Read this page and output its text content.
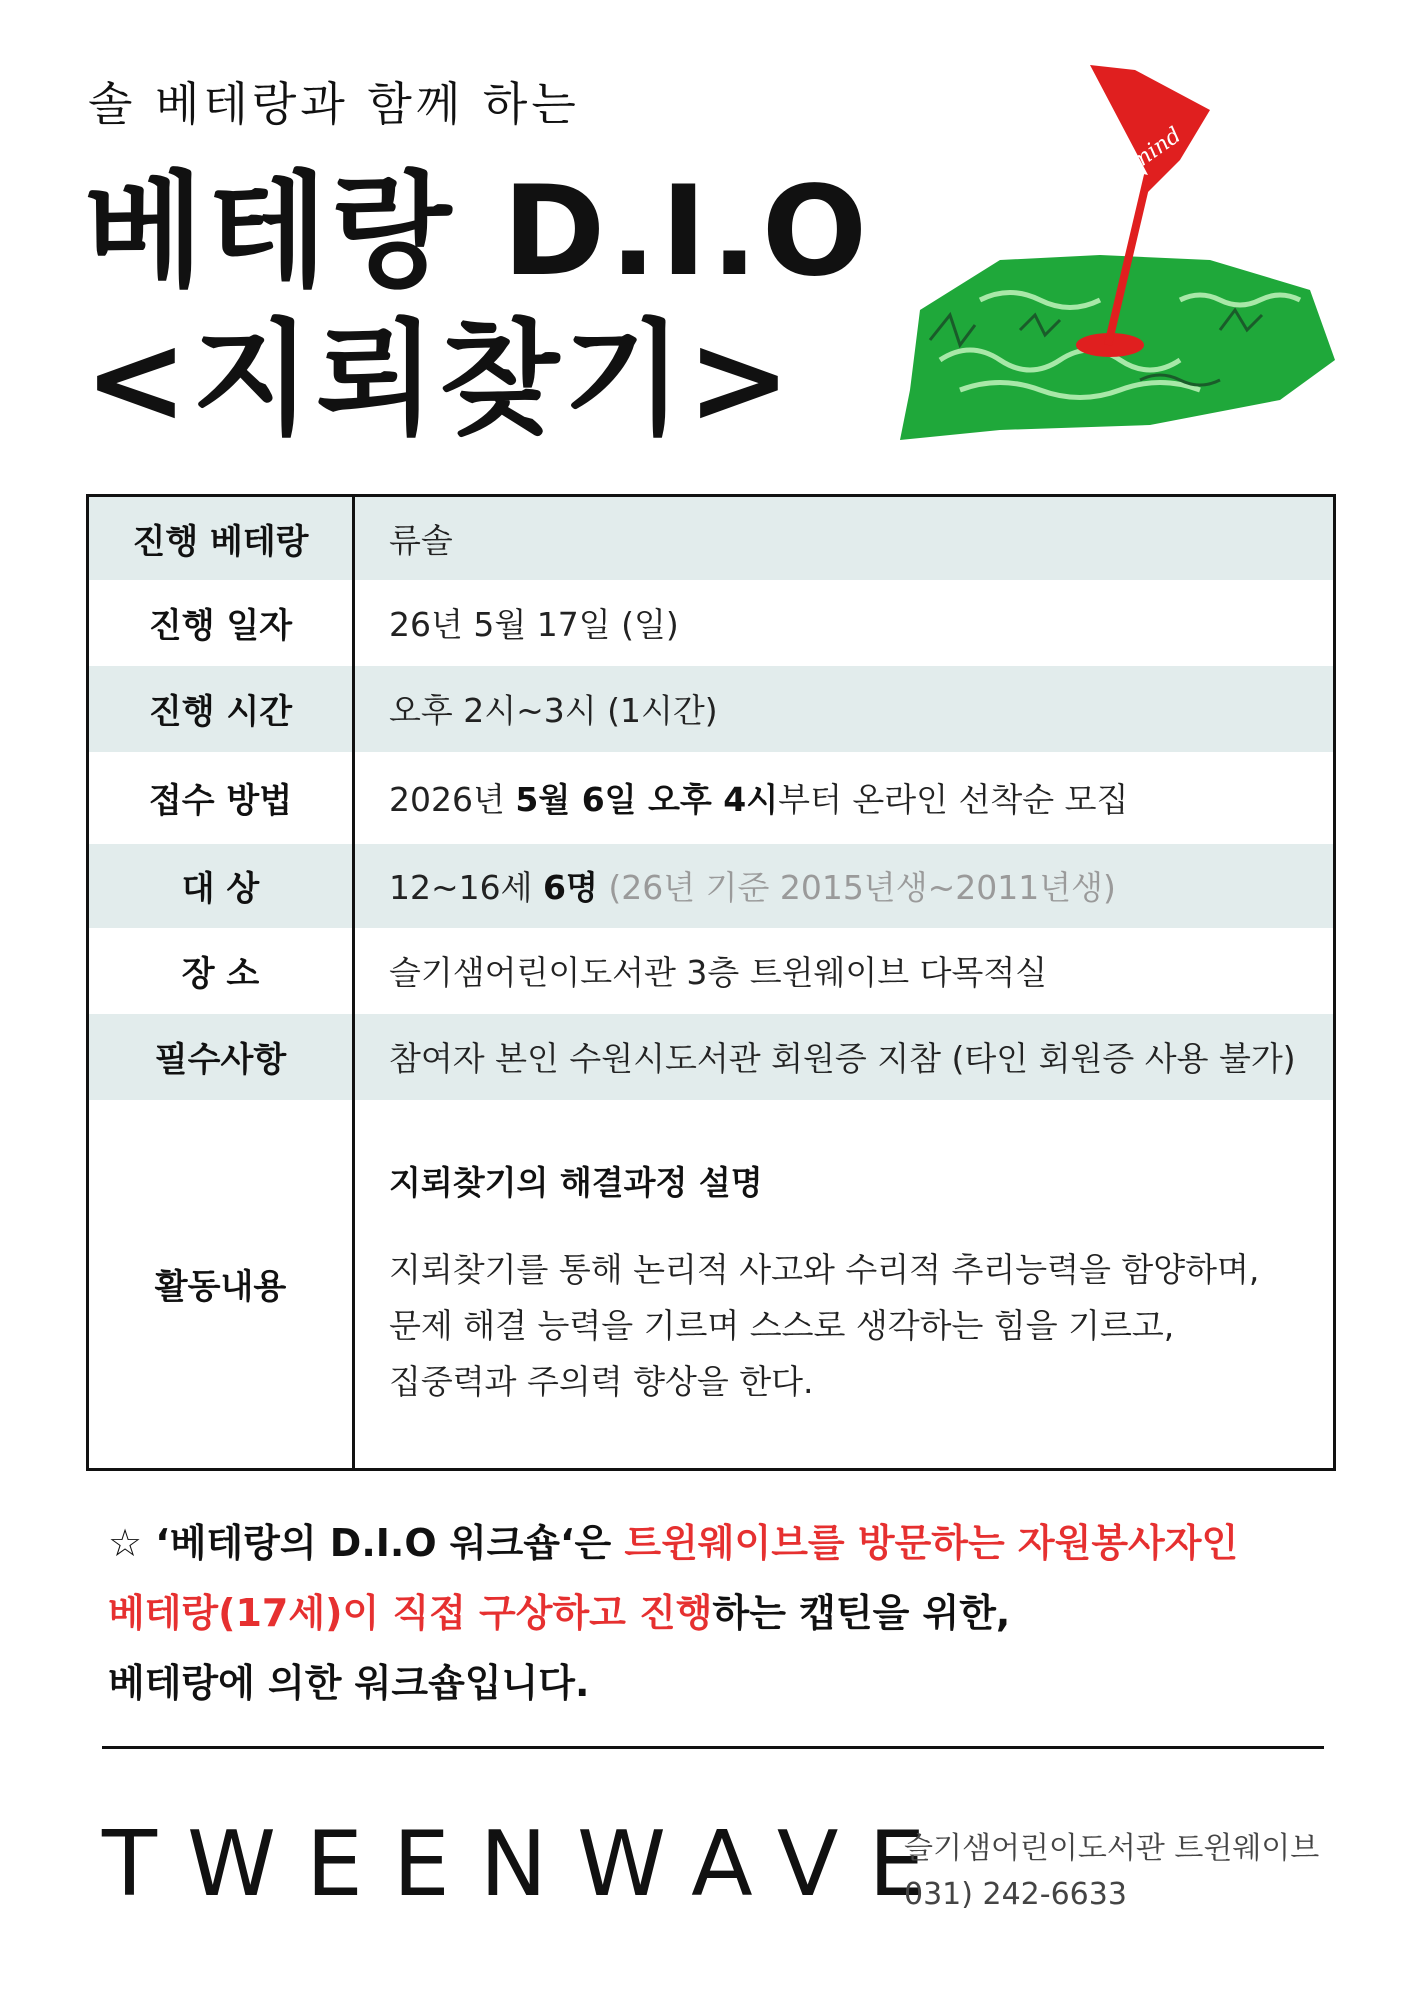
솔 베테랑과 함께 하는
베테랑 D.I.O
<지뢰찾기>
mind
진행 베테랑	류솔
진행 일자	26년 5월 17일 (일)
진행 시간	오후 2시~3시 (1시간)
접수 방법	2026년 5월 6일 오후 4시부터 온라인 선착순 모집
대 상	12~16세 6명 (26년 기준 2015년생~2011년생)
장 소	슬기샘어린이도서관 3층 트윈웨이브 다목적실
필수사항	참여자 본인 수원시도서관 회원증 지참 (타인 회원증 사용 불가)
활동내용	지뢰찾기의 해결과정 설명
지뢰찾기를 통해 논리적 사고와 수리적 추리능력을 함양하며,
문제 해결 능력을 기르며 스스로 생각하는 힘을 기르고,
집중력과 주의력 향상을 한다.
☆ ‘베테랑의 D.I.O 워크숍‘은 트윈웨이브를 방문하는 자원봉사자인
베테랑(17세)이 직접 구상하고 진행하는 캡틴을 위한,
베테랑에 의한 워크숍입니다.
TWEENWAVE
슬기샘어린이도서관 트윈웨이브
031) 242-6633
